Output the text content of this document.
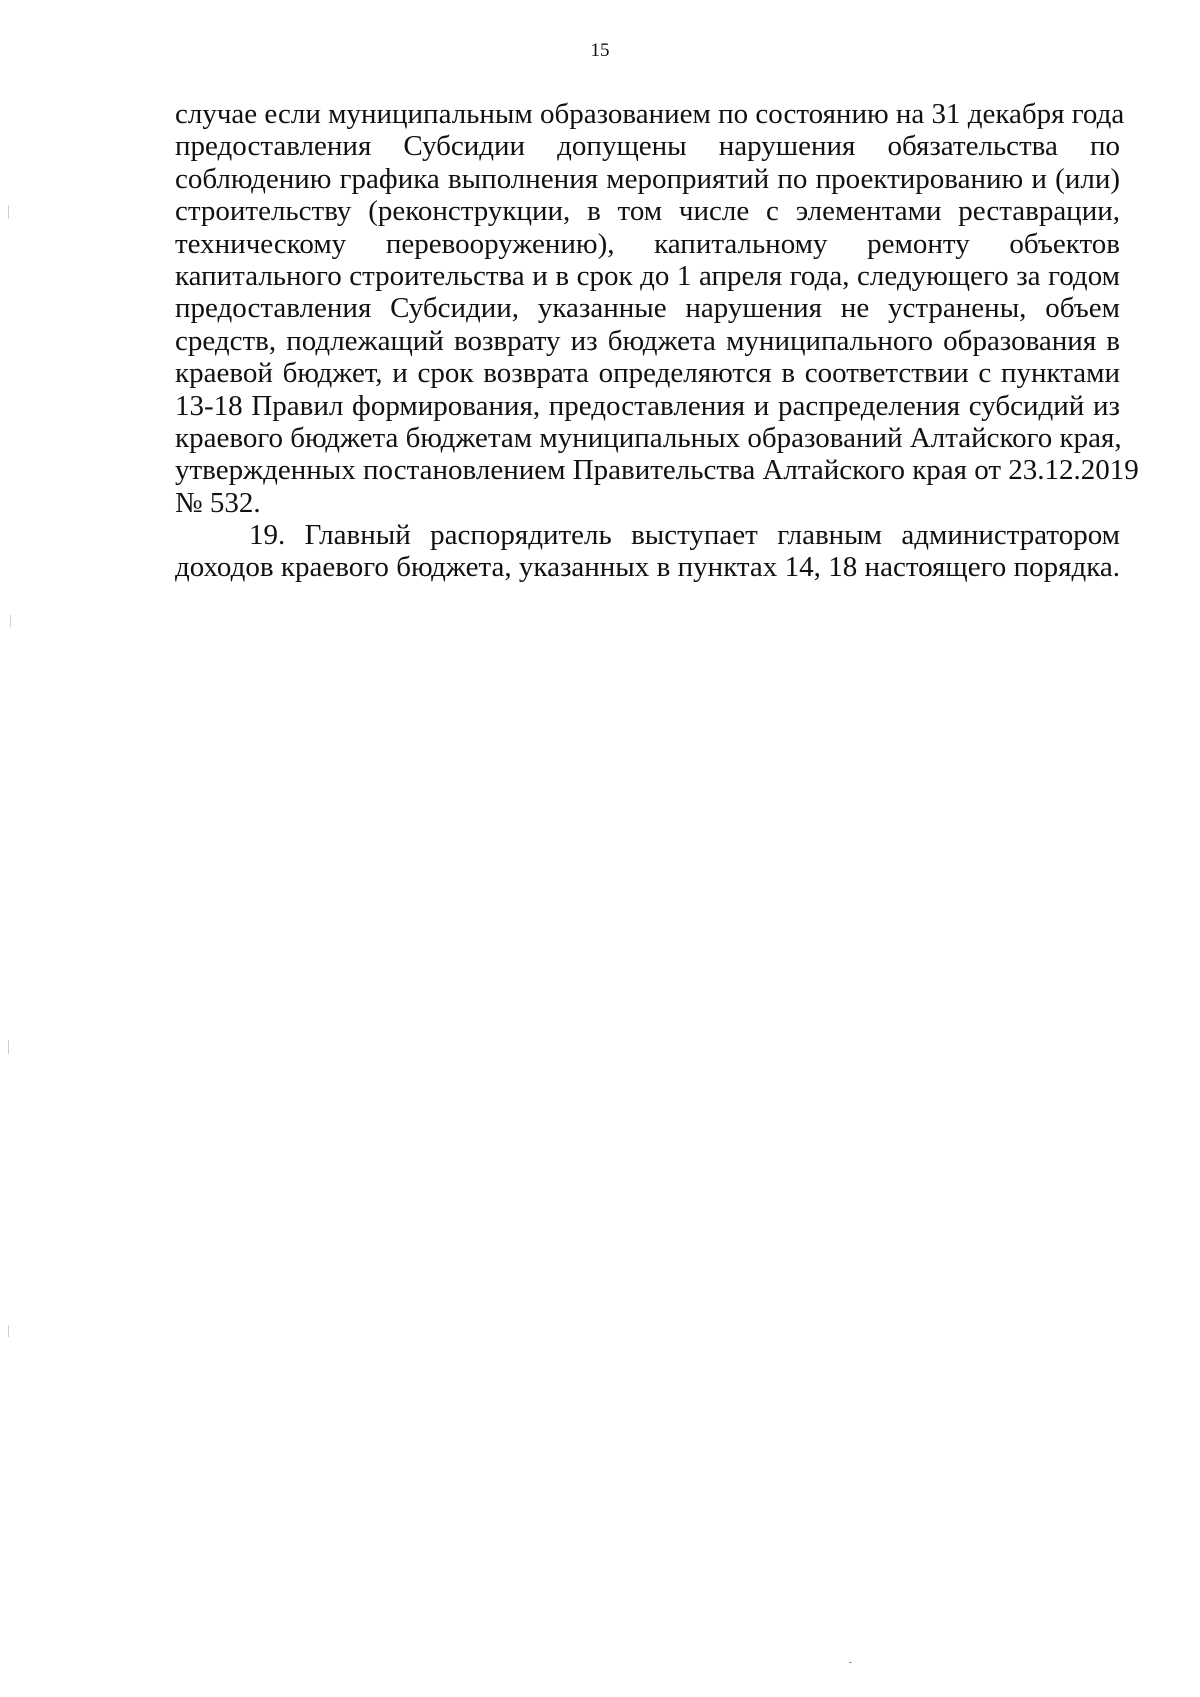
15
случае если муниципальным образованием по состоянию на 31 декабря года
предоставления Субсидии допущены нарушения обязательства по
соблюдению графика выполнения мероприятий по проектированию и (или)
строительству (реконструкции, в том числе с элементами реставрации,
техническому перевооружению), капитальному ремонту объектов
капитального строительства и в срок до 1 апреля года, следующего за годом
предоставления Субсидии, указанные нарушения не устранены, объем
средств, подлежащий возврату из бюджета муниципального образования в
краевой бюджет, и срок возврата определяются в соответствии с пунктами
13-18 Правил формирования, предоставления и распределения субсидий из
краевого бюджета бюджетам муниципальных образований Алтайского края,
утвержденных постановлением Правительства Алтайского края от 23.12.2019
№ 532.
19. Главный распорядитель выступает главным администратором
доходов краевого бюджета, указанных в пунктах 14, 18 настоящего порядка.
